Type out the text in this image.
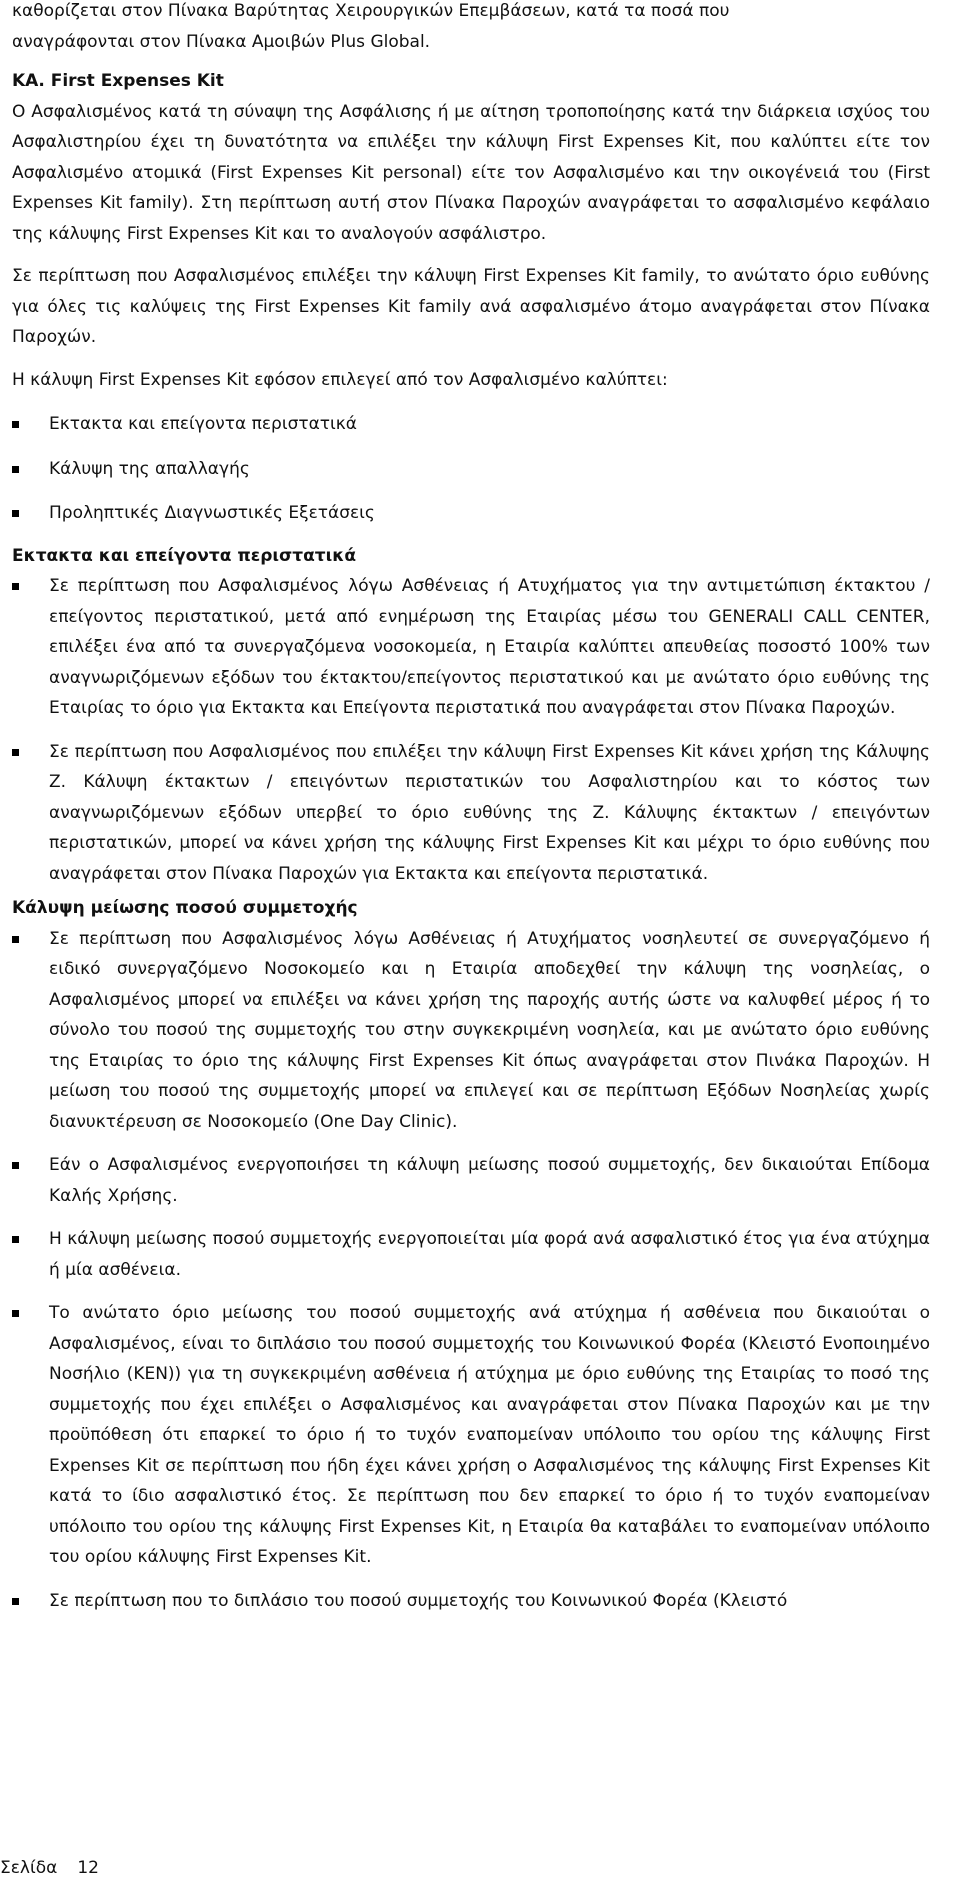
καθορίζεται στον Πίνακα Βαρύτητας Χειρουργικών Επεμβάσεων, κατά τα ποσά που

αναγράφονται στον Πίνακα Αμοιβών Plus Global.

ΚΑ. First Expenses Kit

Ο Ασφαλισμένος κατά τη σύναψη της Ασφάλισης ή με αίτηση τροποποίησης κατά την διάρκεια ισχύος του Ασφαλιστηρίου έχει τη δυνατότητα να επιλέξει την κάλυψη First Expenses Kit, που καλύπτει είτε τον Ασφαλισμένο ατομικά (First Expenses Kit personal) είτε τον Ασφαλισμένο και την οικογένειά του (First Expenses Kit family). Στη περίπτωση αυτή στον Πίνακα Παροχών αναγράφεται το ασφαλισμένο κεφάλαιο της κάλυψης First Expenses Kit και το αναλογούν ασφάλιστρο.

Σε περίπτωση που Ασφαλισμένος επιλέξει την κάλυψη First Expenses Kit family, το ανώτατο όριο ευθύνης για όλες τις καλύψεις της First Expenses Kit family ανά ασφαλισμένο άτομο αναγράφεται στον Πίνακα Παροχών.

Η κάλυψη First Expenses Kit εφόσον επιλεγεί από τον Ασφαλισμένο καλύπτει:

Εκτακτα και επείγοντα περιστατικά
Κάλυψη της απαλλαγής
Προληπτικές Διαγνωστικές Εξετάσεις

Εκτακτα και επείγοντα περιστατικά

Σε περίπτωση που Ασφαλισμένος λόγω Ασθένειας ή Ατυχήματος για την αντιμετώπιση έκτακτου / επείγοντος περιστατικού, μετά από ενημέρωση της Εταιρίας μέσω του GENERALI CALL CENTER, επιλέξει ένα από τα συνεργαζόμενα νοσοκομεία, η Εταιρία καλύπτει απευθείας ποσοστό 100% των αναγνωριζόμενων εξόδων του έκτακτου/επείγοντος περιστατικού και με ανώτατο όριο ευθύνης της Εταιρίας το όριο για Εκτακτα και Επείγοντα περιστατικά που αναγράφεται στον Πίνακα Παροχών.
Σε περίπτωση που Ασφαλισμένος που επιλέξει την κάλυψη First Expenses Kit κάνει χρήση της Κάλυψης Ζ. Κάλυψη έκτακτων / επειγόντων περιστατικών του Ασφαλιστηρίου και το κόστος των αναγνωριζόμενων εξόδων υπερβεί το όριο ευθύνης της Ζ. Κάλυψης έκτακτων / επειγόντων περιστατικών, μπορεί να κάνει χρήση της κάλυψης First Expenses Kit και μέχρι το όριο ευθύνης που αναγράφεται στον Πίνακα Παροχών για Εκτακτα και επείγοντα περιστατικά.

Κάλυψη μείωσης ποσού συμμετοχής

Σε περίπτωση που Ασφαλισμένος λόγω Ασθένειας ή Ατυχήματος νοσηλευτεί σε συνεργαζόμενο ή ειδικό συνεργαζόμενο Νοσοκομείο και η Εταιρία αποδεχθεί την κάλυψη της νοσηλείας, ο Ασφαλισμένος μπορεί να επιλέξει να κάνει χρήση της παροχής αυτής ώστε να καλυφθεί μέρος ή το σύνολο του ποσού της συμμετοχής του στην συγκεκριμένη νοσηλεία, και με ανώτατο όριο ευθύνης της Εταιρίας το όριο της κάλυψης First Expenses Kit όπως αναγράφεται στον Πινάκα Παροχών. Η μείωση του ποσού της συμμετοχής μπορεί να επιλεγεί και σε περίπτωση Εξόδων Νοσηλείας χωρίς διανυκτέρευση σε Νοσοκομείο (One Day Clinic).
Εάν ο Ασφαλισμένος ενεργοποιήσει τη κάλυψη μείωσης ποσού συμμετοχής, δεν δικαιούται Επίδομα Καλής Χρήσης.
Η κάλυψη μείωσης ποσού συμμετοχής ενεργοποιείται μία φορά ανά ασφαλιστικό έτος για ένα ατύχημα ή μία ασθένεια.
Το ανώτατο όριο μείωσης του ποσού συμμετοχής ανά ατύχημα ή ασθένεια που δικαιούται ο Ασφαλισμένος, είναι το διπλάσιο του ποσού συμμετοχής του Κοινωνικού Φορέα (Κλειστό Ενοποιημένο Νοσήλιο (ΚΕΝ)) για τη συγκεκριμένη ασθένεια ή ατύχημα με όριο ευθύνης της Εταιρίας το ποσό της συμμετοχής που έχει επιλέξει ο Ασφαλισμένος και αναγράφεται στον Πίνακα Παροχών και με την προϋπόθεση ότι επαρκεί το όριο ή το τυχόν εναπομείναν υπόλοιπο του ορίου της κάλυψης First Expenses Kit σε περίπτωση που ήδη έχει κάνει χρήση ο Ασφαλισμένος της κάλυψης First Expenses Kit κατά το ίδιο ασφαλιστικό έτος. Σε περίπτωση που δεν επαρκεί το όριο ή το τυχόν εναπομείναν υπόλοιπο του ορίου της κάλυψης First Expenses Kit, η Εταιρία θα καταβάλει το εναπομείναν υπόλοιπο του ορίου κάλυψης First Expenses Kit.
Σε περίπτωση που το διπλάσιο του ποσού συμμετοχής του Κοινωνικού Φορέα (Κλειστό
Σελίδα 12
